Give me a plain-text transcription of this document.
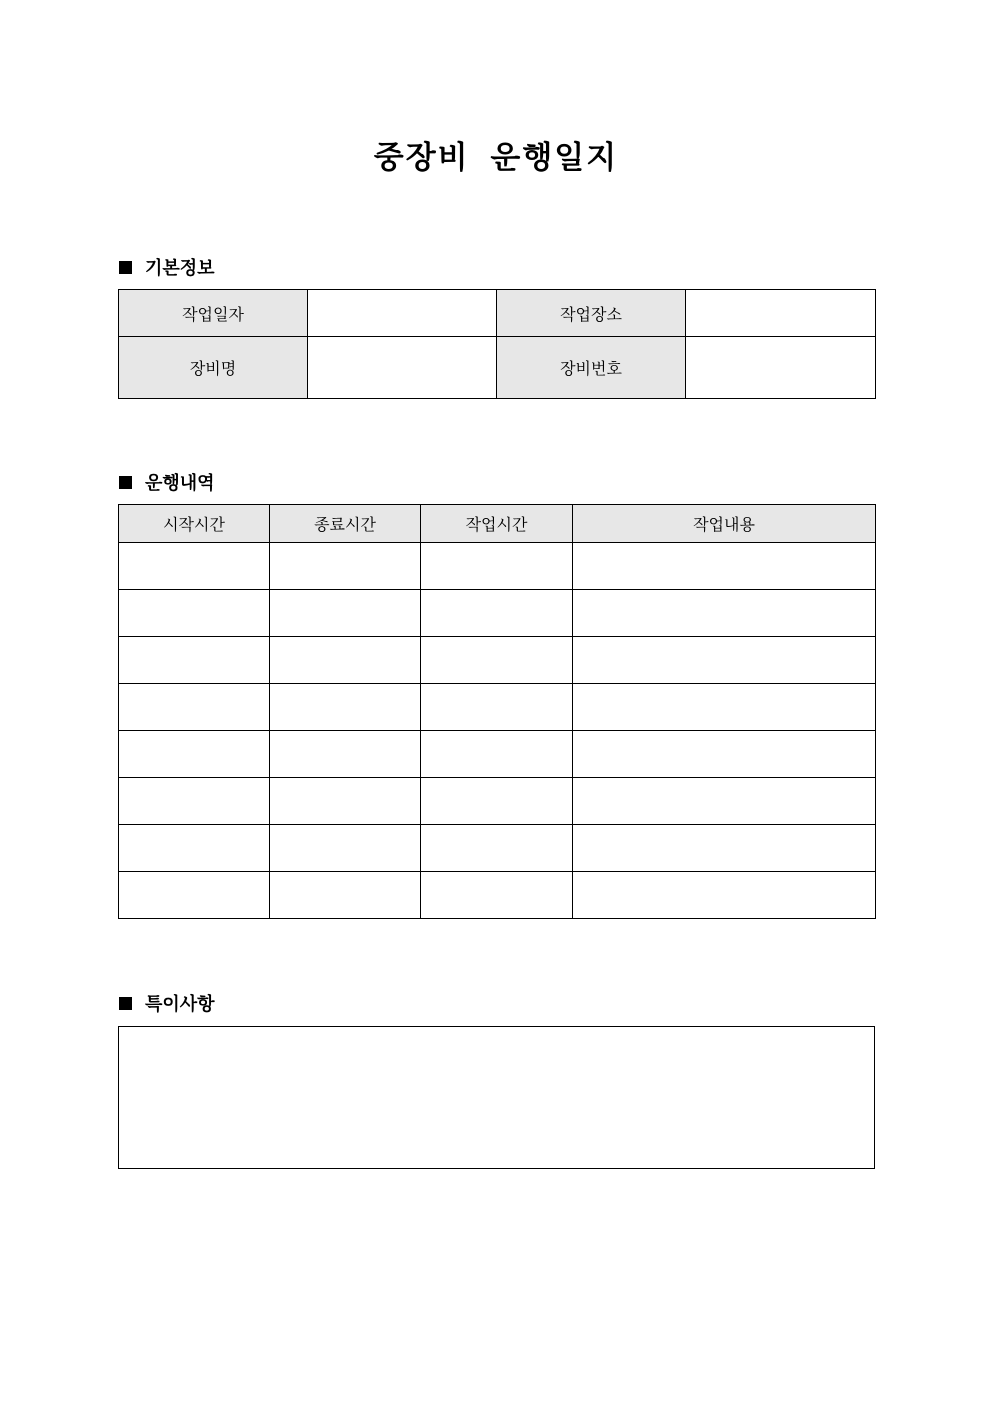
중장비 운행일지
기본정보
작업일자		작업장소	
장비명		장비번호	
운행내역
시작시간	종료시간	작업시간	작업내용

특이사항
